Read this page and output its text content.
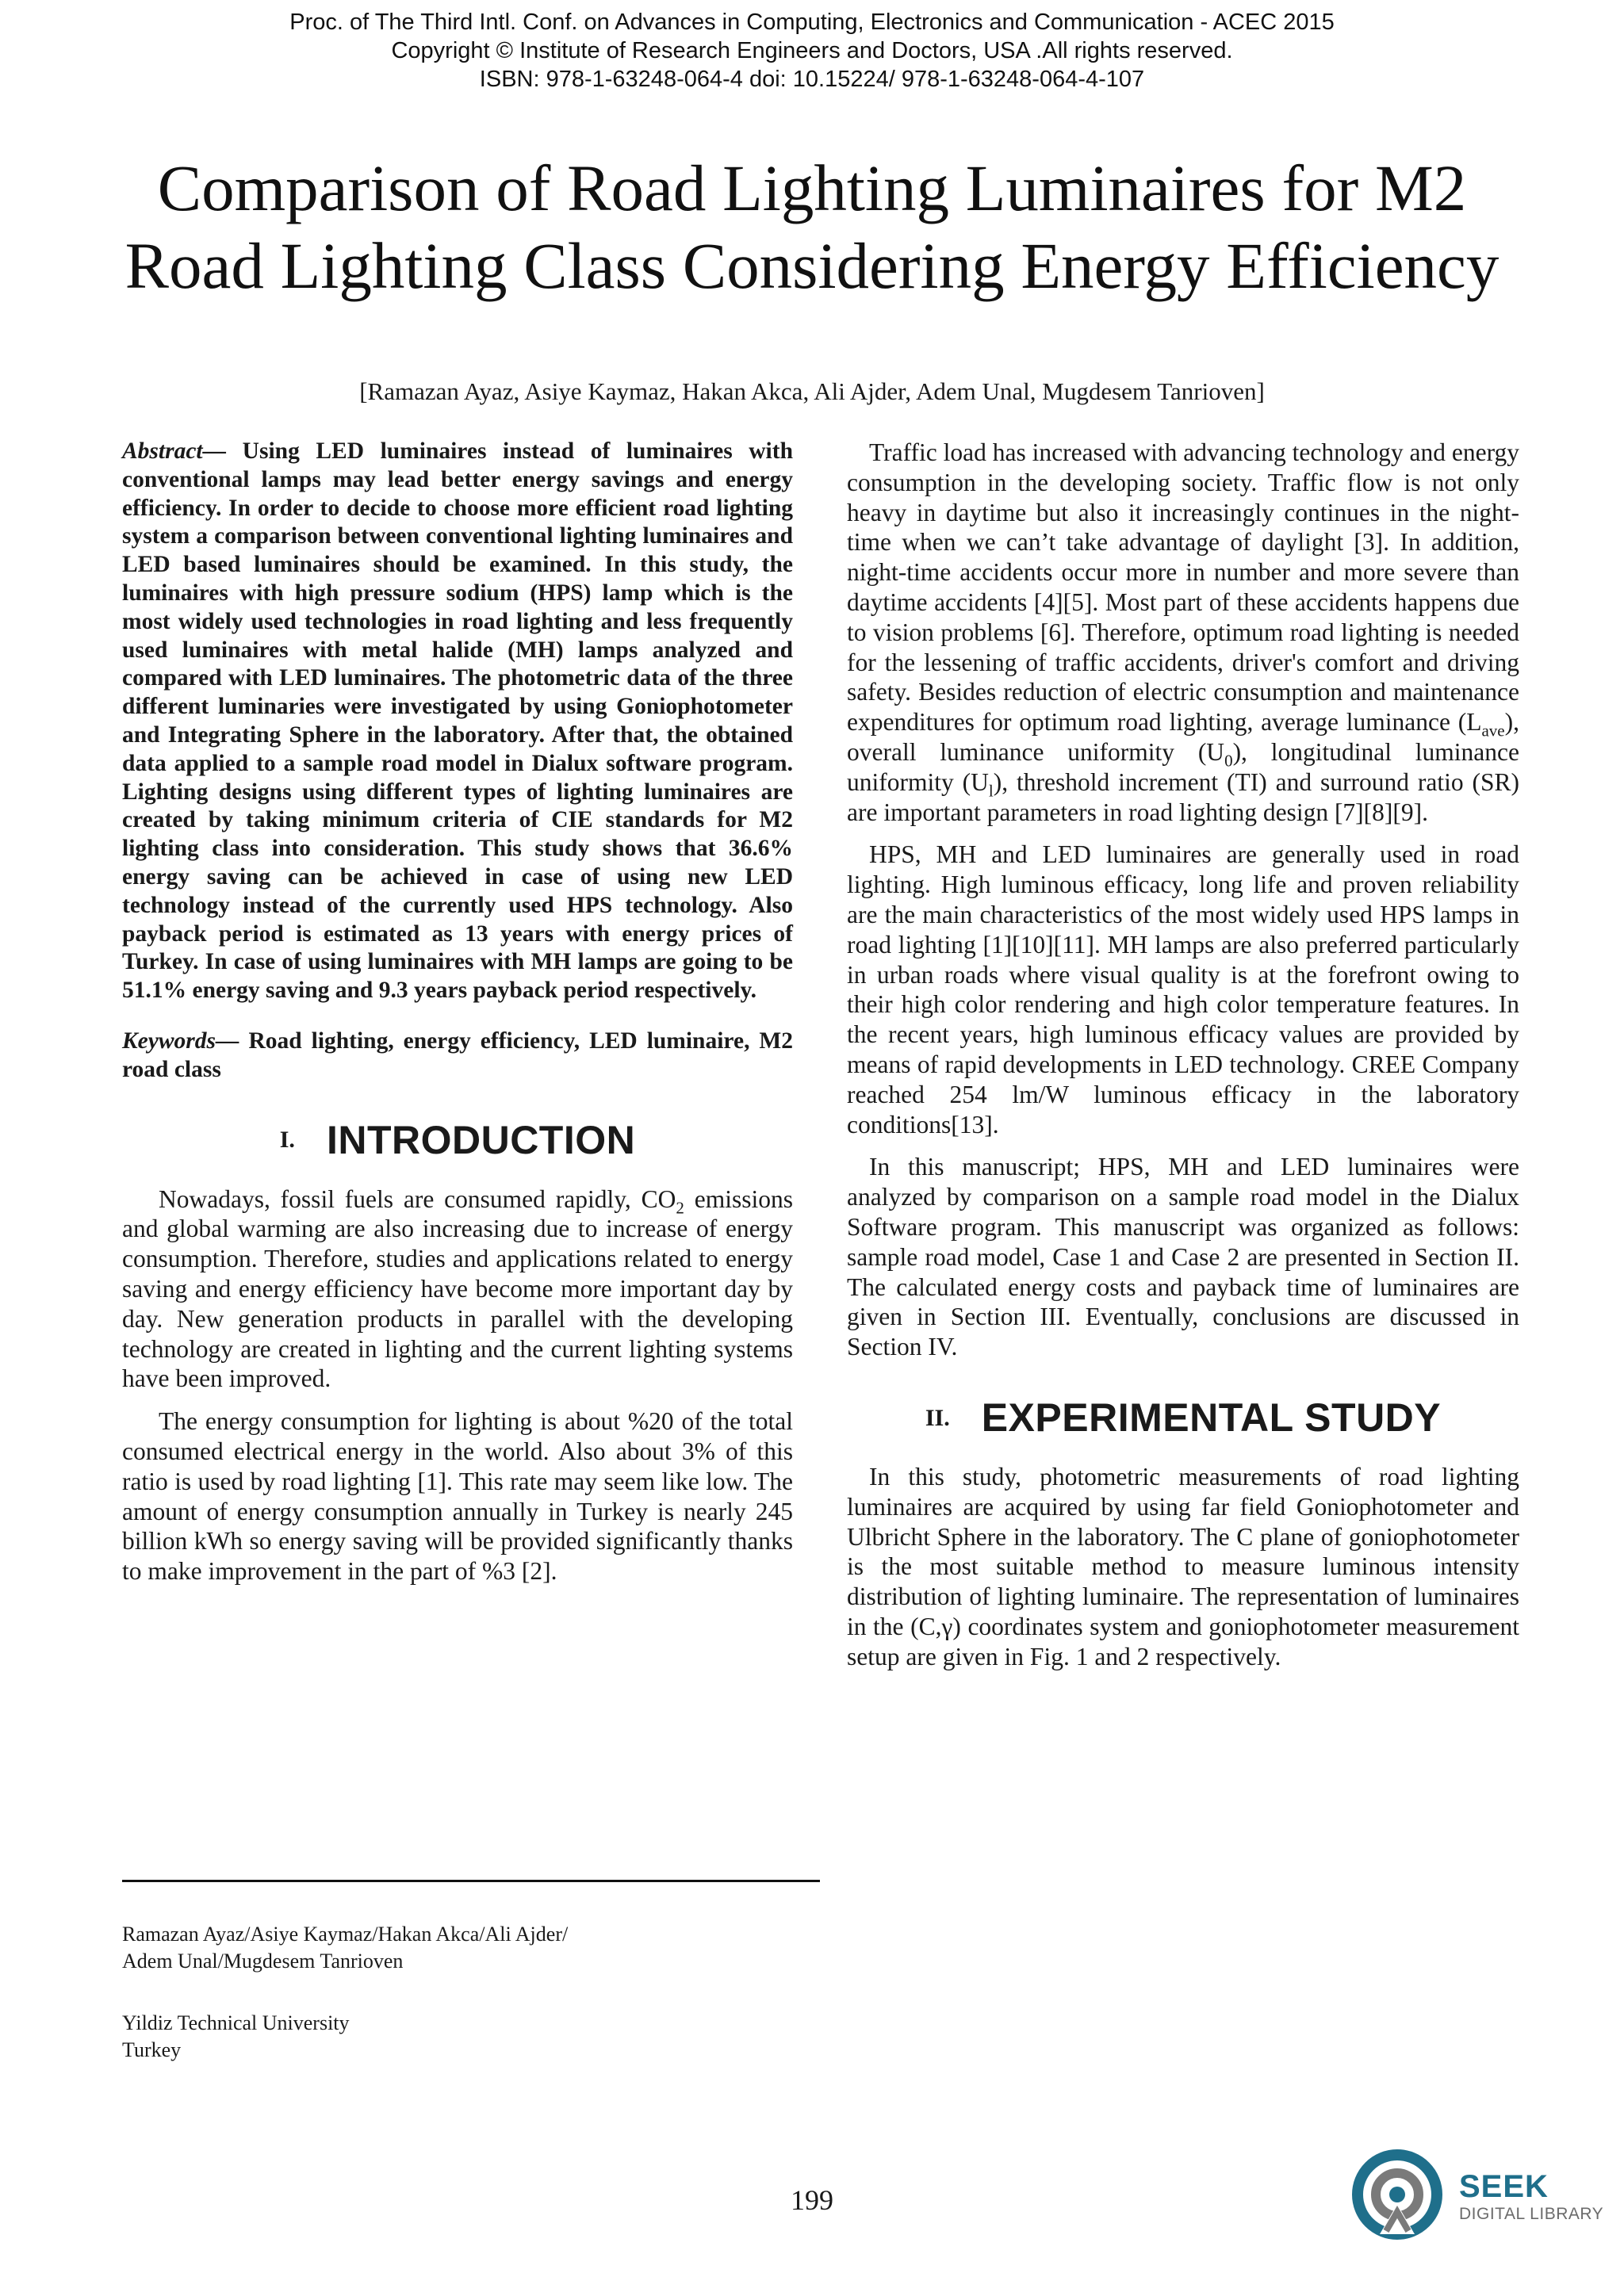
Proc. of The Third Intl. Conf. on Advances in Computing, Electronics and Communication - ACEC 2015
Copyright © Institute of Research Engineers and Doctors, USA .All rights reserved.
ISBN: 978-1-63248-064-4 doi: 10.15224/ 978-1-63248-064-4-107
Comparison of Road Lighting Luminaires for M2
Road Lighting Class Considering Energy Efficiency
[Ramazan Ayaz, Asiye Kaymaz, Hakan Akca, Ali Ajder, Adem Unal, Mugdesem Tanrioven]

Abstract— Using LED luminaires instead of luminaires with conventional lamps may lead better energy savings and energy efficiency. In order to decide to choose more efficient road lighting system a comparison between conventional lighting luminaires and LED based luminaires should be examined. In this study, the luminaires with high pressure sodium (HPS) lamp which is the most widely used technologies in road lighting and less frequently used luminaires with metal halide (MH) lamps analyzed and compared with LED luminaires. The photometric data of the three different luminaries were investigated by using Goniophotometer and Integrating Sphere in the laboratory. After that, the obtained data applied to a sample road model in Dialux software program. Lighting designs using different types of lighting luminaires are created by taking minimum criteria of CIE standards for M2 lighting class into consideration. This study shows that 36.6% energy saving can be achieved in case of using new LED technology instead of the currently used HPS technology. Also payback period is estimated as 13 years with energy prices of Turkey. In case of using luminaires with MH lamps are going to be 51.1% energy saving and 9.3 years payback period respectively.

Keywords— Road lighting, energy efficiency, LED luminaire, M2 road class

I. INTRODUCTION

Nowadays, fossil fuels are consumed rapidly, $CO_2$ emissions and global warming are also increasing due to increase of energy consumption. Therefore, studies and applications related to energy saving and energy efficiency have become more important day by day. New generation products in parallel with the developing technology are created in lighting and the current lighting systems have been improved.

The energy consumption for lighting is about %20 of the total consumed electrical energy in the world. Also about 3% of this ratio is used by road lighting [1]. This rate may seem like low. The amount of energy consumption annually in Turkey is nearly 245 billion kWh so energy saving will be provided significantly thanks to make improvement in the part of %3 [2].

Traffic load has increased with advancing technology and energy consumption in the developing society. Traffic flow is not only heavy in daytime but also it increasingly continues in the night-time when we can’t take advantage of daylight [3]. In addition, night-time accidents occur more in number and more severe than daytime accidents [4][5]. Most part of these accidents happens due to vision problems [6]. Therefore, optimum road lighting is needed for the lessening of traffic accidents, driver's comfort and driving safety. Besides reduction of electric consumption and maintenance expenditures for optimum road lighting, average luminance $(L_{ave})$, overall luminance uniformity $(U_0)$, longitudinal luminance uniformity $(U_l)$, threshold increment (TI) and surround ratio (SR) are important parameters in road lighting design [7][8][9].

HPS, MH and LED luminaires are generally used in road lighting. High luminous efficacy, long life and proven reliability are the main characteristics of the most widely used HPS lamps in road lighting [1][10][11]. MH lamps are also preferred particularly in urban roads where visual quality is at the forefront owing to their high color rendering and high color temperature features. In the recent years, high luminous efficacy values are provided by means of rapid developments in LED technology. CREE Company reached 254 lm/W luminous efficacy in the laboratory conditions[13].

In this manuscript; HPS, MH and LED luminaires were analyzed by comparison on a sample road model in the Dialux Software program. This manuscript was organized as follows: sample road model, Case 1 and Case 2 are presented in Section II. The calculated energy costs and payback time of luminaires are given in Section III. Eventually, conclusions are discussed in Section IV.

II. EXPERIMENTAL STUDY

In this study, photometric measurements of road lighting luminaires are acquired by using far field Goniophotometer and Ulbricht Sphere in the laboratory. The C plane of goniophotometer is the most suitable method to measure luminous intensity distribution of lighting luminaire. The representation of luminaires in the (C,γ) coordinates system and goniophotometer measurement setup are given in Fig. 1 and 2 respectively.

Ramazan Ayaz/Asiye Kaymaz/Hakan Akca/Ali Ajder/
Adem Unal/Mugdesem Tanrioven
Yildiz Technical University
Turkey
199	SEEK
DIGITAL LIBRARY
